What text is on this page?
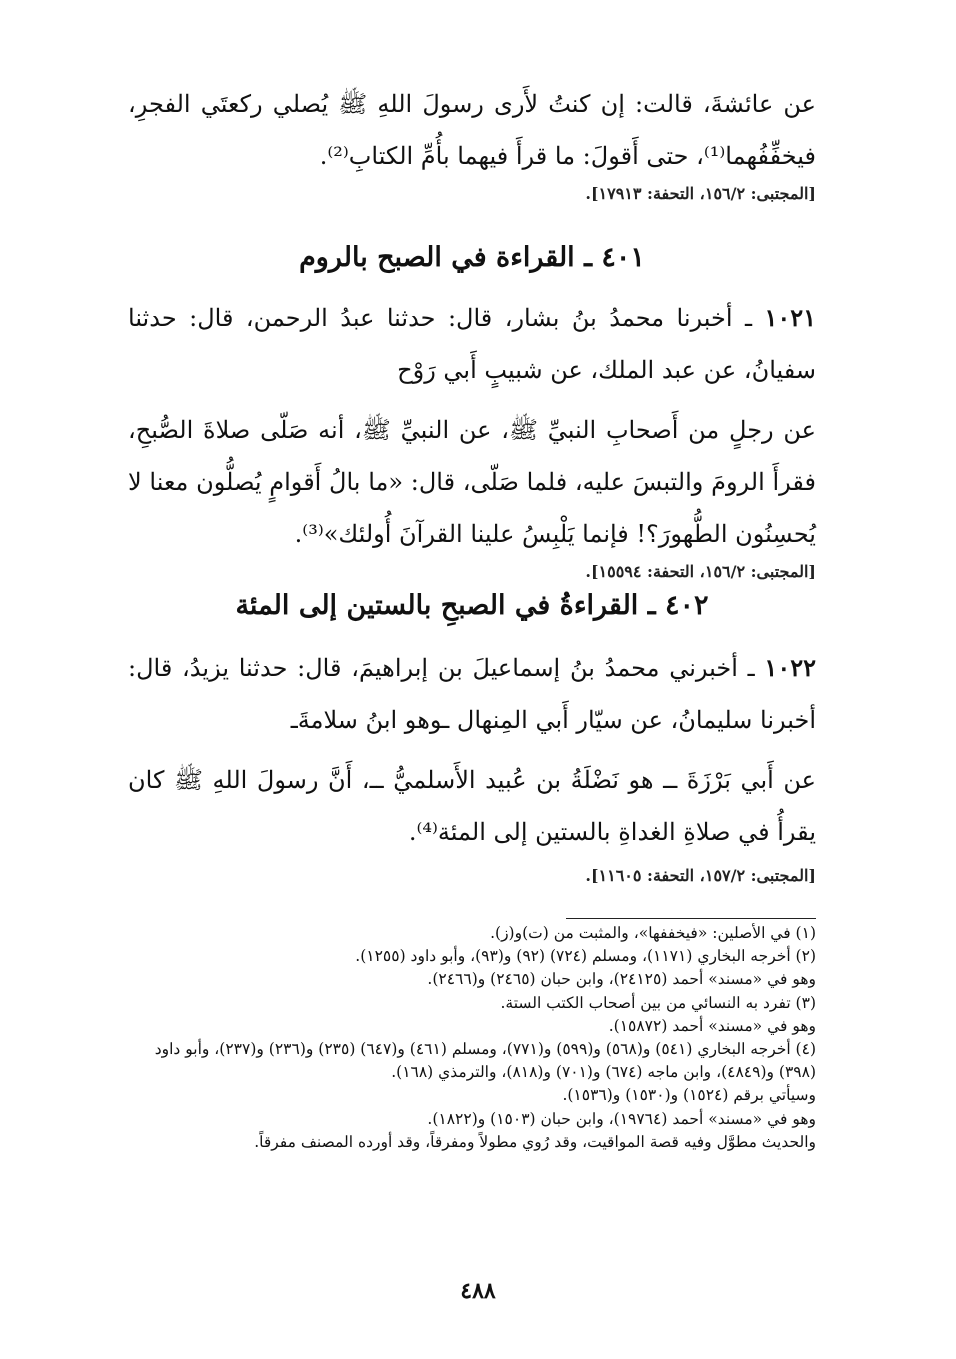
عن عائشةَ، قالت: إن كنتُ لأَرى رسولَ اللهِ ﷺ يُصلي ركعتَي الفجرِ، فيخفِّفُهما⁽¹⁾، حتى أَقولَ: ما قرأَ فيهما بأُمِّ الكتابِ⁽²⁾.

[المجتبى: ١٥٦/٢، التحفة: ١٧٩١٣].

٤٠١ ـ القراءة في الصبح بالروم

١٠٢١ ـ أخبرنا محمدُ بنُ بشار، قال: حدثنا عبدُ الرحمن، قال: حدثنا سفيانُ، عن عبد الملك، عن شبيبٍ أَبي رَوْح

عن رجلٍ من أَصحابِ النبيِّ ﷺ، عن النبيِّ ﷺ، أنه صَلّى صلاةَ الصُّبحِ، فقرأَ الرومَ والتبسَ عليه، فلما صَلّى، قال: «ما بالُ أَقوامٍ يُصلُّون معنا لا يُحسِنُون الطُّهورَ؟! فإنما يَلْبِسُ علينا القرآنَ أُولئك»⁽³⁾.

[المجتبى: ١٥٦/٢، التحفة: ١٥٥٩٤].

٤٠٢ ـ القراءةُ في الصبحِ بالستين إلى المئة

١٠٢٢ ـ أخبرني محمدُ بنُ إسماعيلَ بن إبراهيمَ، قال: حدثنا يزيدُ، قال: أخبرنا سليمانُ، عن سيّار أَبي المِنهال ـوهو ابنُ سلامةَـ

عن أَبي بَرْزَةَ ــ هو نَضْلَةُ بن عُبيد الأَسلميُّ ــ، أَنَّ رسولَ اللهِ ﷺ كان يقرأُ في صلاةِ الغداةِ بالستين إلى المئة⁽⁴⁾.

[المجتبى: ١٥٧/٢، التحفة: ١١٦٠٥].

(١) في الأصلين: «فيخففها»، والمثبت من (ت)و(ز).
(٢) أخرجه البخاري (١١٧١)، ومسلم (٧٢٤) (٩٢) و(٩٣)، وأبو داود (١٢٥٥).
وهو في «مسند» أحمد (٢٤١٢٥)، وابن حبان (٢٤٦٥) و(٢٤٦٦).
(٣) تفرد به النسائي من بين أصحاب الكتب الستة.
وهو في «مسند» أحمد (١٥٨٧٢).
(٤) أخرجه البخاري (٥٤١) و(٥٦٨) و(٥٩٩) و(٧٧١)، ومسلم (٤٦١) و(٦٤٧) (٢٣٥) و(٢٣٦) و(٢٣٧)، وأبو داود (٣٩٨) و(٤٨٤٩)، وابن ماجه (٦٧٤) و(٧٠١) و(٨١٨)، والترمذي (١٦٨).
وسيأتي برقم (١٥٢٤) و(١٥٣٠) و(١٥٣٦).
وهو في «مسند» أحمد (١٩٧٦٤)، وابن حبان (١٥٠٣) و(١٨٢٢).
والحديث مطوَّل وفيه قصة المواقيت، وقد رُوي مطولاً ومفرقاً، وقد أورده المصنف مفرقاً.
٤٨٨
